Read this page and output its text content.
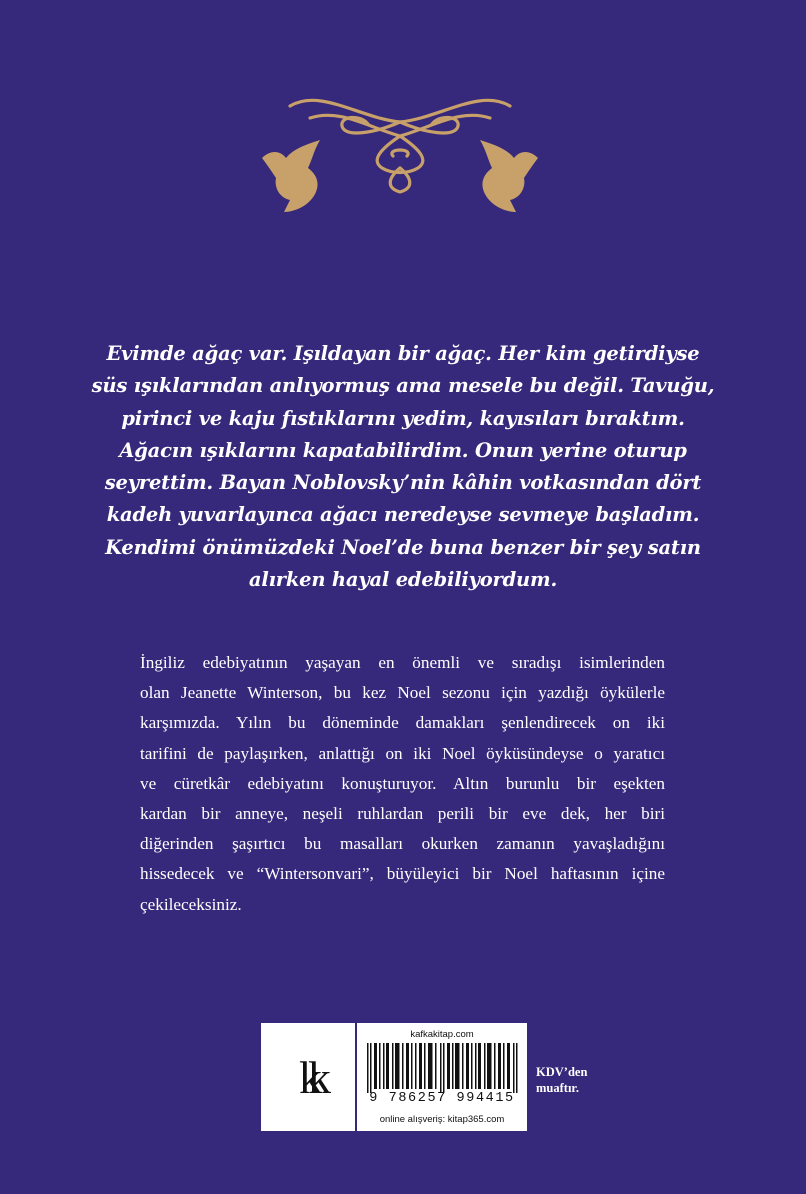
Evimde ağaç var. Işıldayan bir ağaç. Her kim getirdiyse
süs ışıklarından anlıyormuş ama mesele bu değil. Tavuğu,
pirinci ve kaju fıstıklarını yedim, kayısıları bıraktım.
Ağacın ışıklarını kapatabilirdim. Onun yerine oturup
seyrettim. Bayan Noblovsky’nin kâhin votkasından dört
kadeh yuvarlayınca ağacı neredeyse sevmeye başladım.
Kendimi önümüzdeki Noel’de buna benzer bir şey satın
alırken hayal edebiliyordum.
İngiliz edebiyatının yaşayan en önemli ve sıradışı isimlerinden
olan Jeanette Winterson, bu kez Noel sezonu için yazdığı öykülerle
karşımızda. Yılın bu döneminde damakları şenlendirecek on iki
tarifini de paylaşırken, anlattığı on iki Noel öyküsündeyse o yaratıcı
ve cüretkâr edebiyatını konuşturuyor. Altın burunlu bir eşekten
kardan bir anneye, neşeli ruhlardan perili bir eve dek, her biri
diğerinden şaşırtıcı bu masalları okurken zamanın yavaşladığını
hissedecek ve “Wintersonvari”, büyüleyici bir Noel haftasının içine
çekileceksiniz.
kk
kafkakitap.com
9 786257 994415
online alışveriş: kitap365.com
KDV’den
muaftır.
